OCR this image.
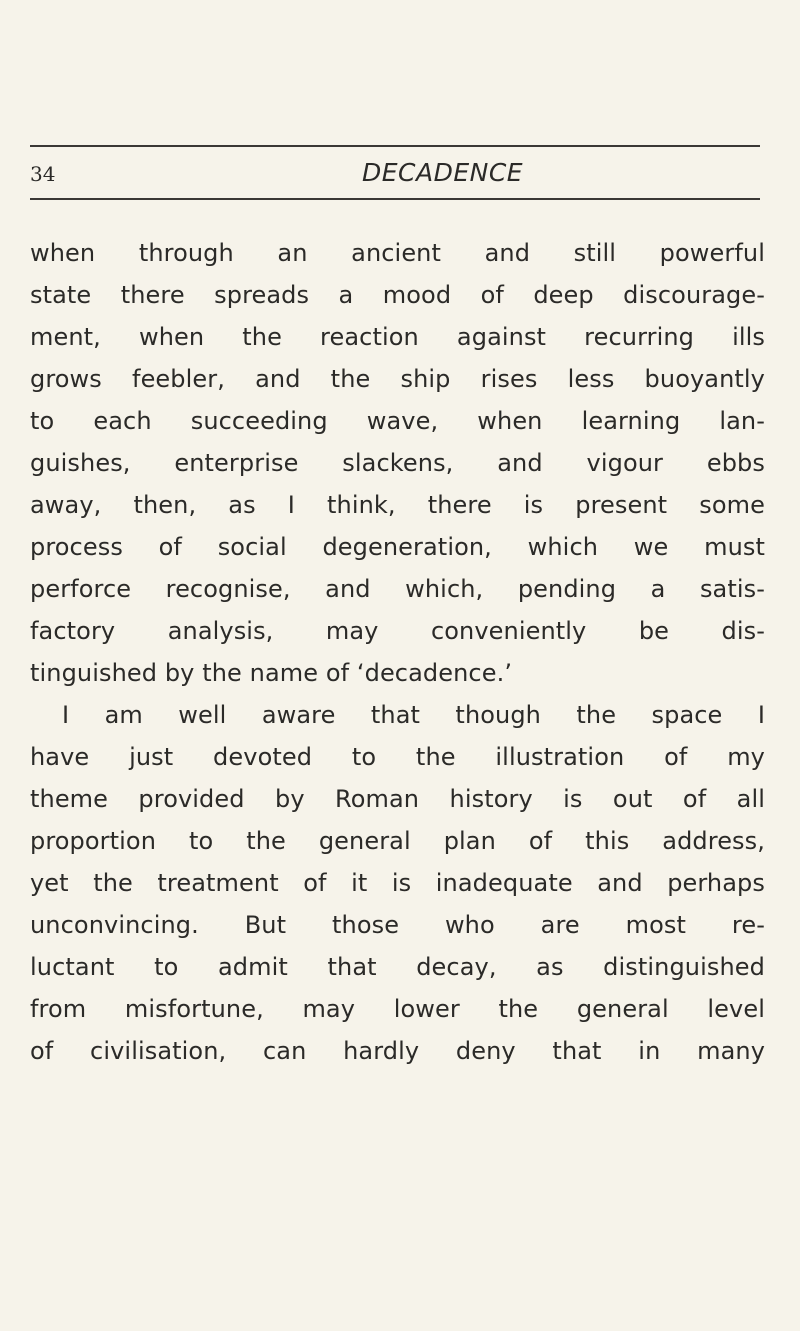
34	DECADENCE
when through an ancient and still powerful
state there spreads a mood of deep discourage-
ment, when the reaction against recurring ills
grows feebler, and the ship rises less buoyantly
to each succeeding wave, when learning lan-
guishes, enterprise slackens, and vigour ebbs
away, then, as I think, there is present some
process of social degeneration, which we must
perforce recognise, and which, pending a satis-
factory analysis, may conveniently be dis-
tinguished by the name of ‘decadence.’
I am well aware that though the space I
have just devoted to the illustration of my
theme provided by Roman history is out of all
proportion to the general plan of this address,
yet the treatment of it is inadequate and perhaps
unconvincing. But those who are most re-
luctant to admit that decay, as distinguished
from misfortune, may lower the general level
of civilisation, can hardly deny that in many
